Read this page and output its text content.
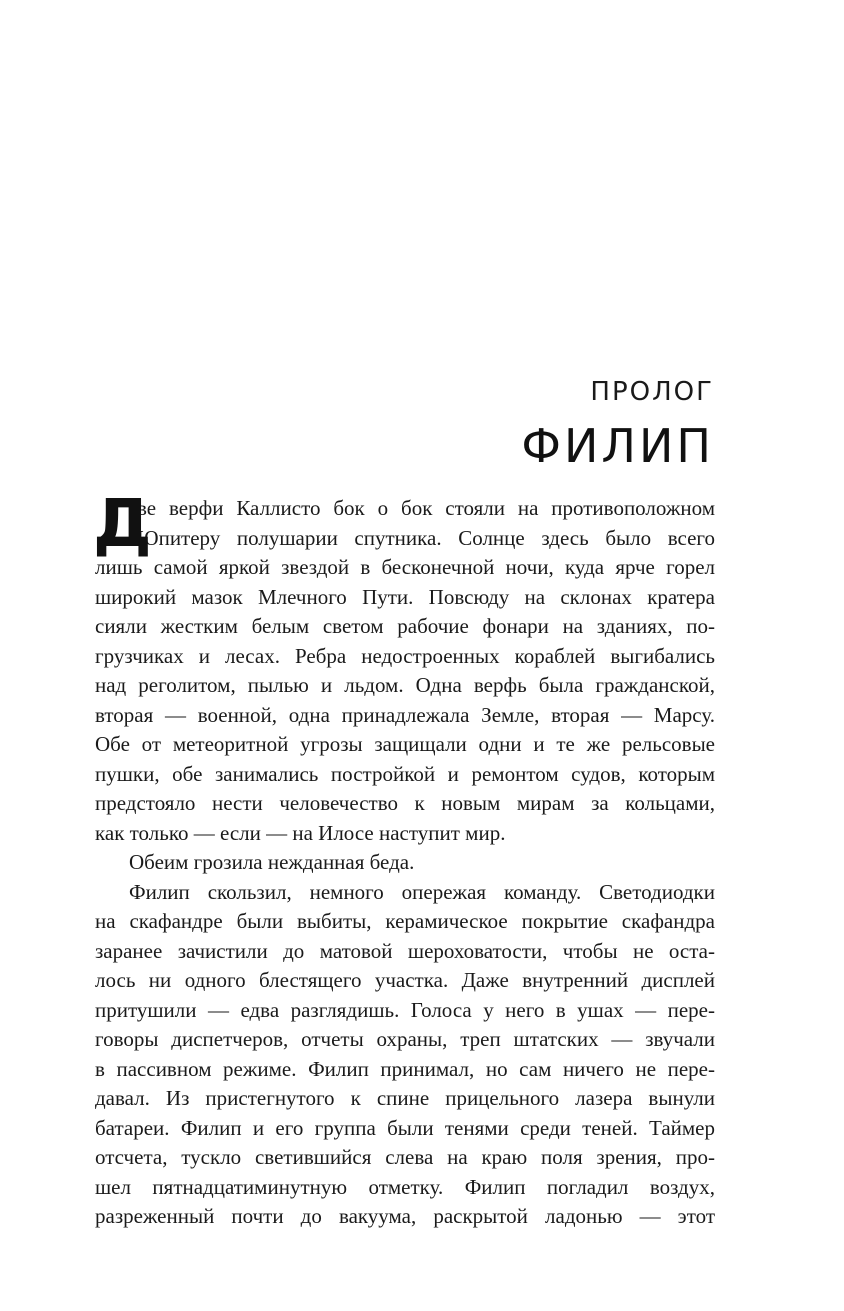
ПРОЛОГ
ФИЛИП
Д
ве верфи Каллисто бок о бок стояли на противоположном
Юпитеру полушарии спутника. Солнце здесь было всего
лишь самой яркой звездой в бесконечной ночи, куда ярче горел
широкий мазок Млечного Пути. Повсюду на склонах кратера
сияли жестким белым светом рабочие фонари на зданиях, по-
грузчиках и лесах. Ребра недостроенных кораблей выгибались
над реголитом, пылью и льдом. Одна верфь была гражданской,
вторая — военной, одна принадлежала Земле, вторая — Марсу.
Обе от метеоритной угрозы защищали одни и те же рельсовые
пушки, обе занимались постройкой и ремонтом судов, которым
предстояло нести человечество к новым мирам за кольцами,
как только — если — на Илосе наступит мир.
Обеим грозила нежданная беда.
Филип скользил, немного опережая команду. Светодиодки
на скафандре были выбиты, керамическое покрытие скафандра
заранее зачистили до матовой шероховатости, чтобы не оста-
лось ни одного блестящего участка. Даже внутренний дисплей
притушили — едва разглядишь. Голоса у него в ушах — пере-
говоры диспетчеров, отчеты охраны, треп штатских — звучали
в пассивном режиме. Филип принимал, но сам ничего не пере-
давал. Из пристегнутого к спине прицельного лазера вынули
батареи. Филип и его группа были тенями среди теней. Таймер
отсчета, тускло светившийся слева на краю поля зрения, про-
шел пятнадцатиминутную отметку. Филип погладил воздух,
разреженный почти до вакуума, раскрытой ладонью — этот
